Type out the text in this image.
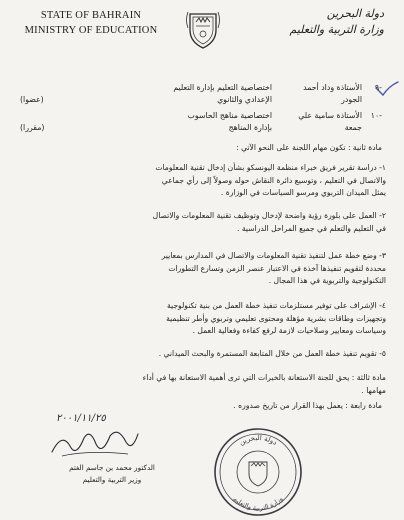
STATE OF BAHRAIN
MINISTRY OF EDUCATION
دولة البحرين
وزارة التربية والتعليم
-٩
الأستاذة وداد أحمد الجودر
اختصاصية التعليم بإدارة التعليم
الإعدادي والثانوي
(عضوا)
-١٠
الأستاذة سامية علي جمعة
اختصاصية مناهج الحاسوب
بإدارة المناهج
(مقررا)
مادة ثانية : تكون مهام اللجنة على النحو الآتي :
١- دراسة تقرير فريق خبراء منظمة اليونسكو بشأن إدخال تقنية المعلومات
والاتصال في التعليم ، وتوسيع دائرة النقاش حوله وصولاً إلى رأي جماعي
يمثل الميدان التربوي ومرسو السياسات في الوزارة .
٢- العمل على بلورة رؤية واضحة لإدخال وتوظيف تقنية المعلومات والاتصال
في التعليم والتعلم في جميع المراحل الدراسية .
٣- وضع خطة عمل لتنفيذ تقنية المعلومات والاتصال في المدارس بمعايير
محددة لتقويم تنفيذها آخذة في الاعتبار عنصر الزمن وتسارع التطورات
التكنولوجية والتربوية في هذا المجال .
٤- الإشراف على توفير مستلزمات تنفيذ خطة العمل من بنية تكنولوجية
وتجهيزات وطاقات بشرية مؤهلة ومحتوى تعليمي وتربوي وأطر تنظيمية
وسياسات ومعايير وصلاحيات لازمة لرفع كفاءة وفعالية العمل .
٥- تقويم تنفيذ خطة العمل من خلال المتابعة المستمرة والبحث الميداني .
مادة ثالثة : يحق للجنة الاستعانة بالخبرات التي ترى أهمية الاستعانة بها في أداء
مهامها .
مادة رابعة : يعمل بهذا القرار من تاريخ صدوره .
٢٠٠١/١١/٢٥
الدكتور محمد بن جاسم الغتم
وزير التربية والتعليم
دولة البحرين
وزارة التربية والتعليم
